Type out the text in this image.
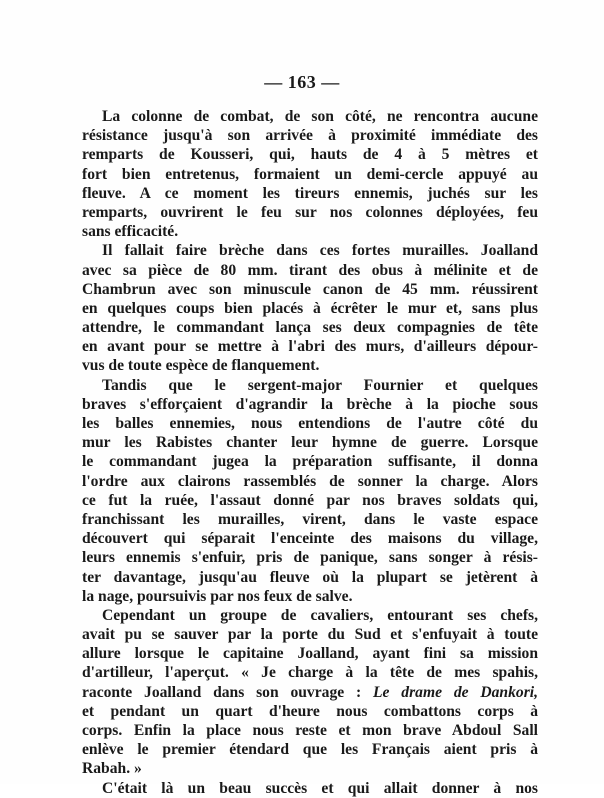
— 163 —
La colonne de combat, de son côté, ne rencontra aucune
résistance jusqu'à son arrivée à proximité immédiate des
remparts de Kousseri, qui, hauts de 4 à 5 mètres et
fort bien entretenus, formaient un demi-cercle appuyé au
fleuve. A ce moment les tireurs ennemis, juchés sur les
remparts, ouvrirent le feu sur nos colonnes déployées, feu
sans efficacité.
Il fallait faire brèche dans ces fortes murailles. Joalland
avec sa pièce de 80 mm. tirant des obus à mélinite et de
Chambrun avec son minuscule canon de 45 mm. réussirent
en quelques coups bien placés à écrêter le mur et, sans plus
attendre, le commandant lança ses deux compagnies de tête
en avant pour se mettre à l'abri des murs, d'ailleurs dépour-
vus de toute espèce de flanquement.
Tandis que le sergent-major Fournier et quelques
braves s'efforçaient d'agrandir la brèche à la pioche sous
les balles ennemies, nous entendions de l'autre côté du
mur les Rabistes chanter leur hymne de guerre. Lorsque
le commandant jugea la préparation suffisante, il donna
l'ordre aux clairons rassemblés de sonner la charge. Alors
ce fut la ruée, l'assaut donné par nos braves soldats qui,
franchissant les murailles, virent, dans le vaste espace
découvert qui séparait l'enceinte des maisons du village,
leurs ennemis s'enfuir, pris de panique, sans songer à résis-
ter davantage, jusqu'au fleuve où la plupart se jetèrent à
la nage, poursuivis par nos feux de salve.
Cependant un groupe de cavaliers, entourant ses chefs,
avait pu se sauver par la porte du Sud et s'enfuyait à toute
allure lorsque le capitaine Joalland, ayant fini sa mission
d'artilleur, l'aperçut. « Je charge à la tête de mes spahis,
raconte Joalland dans son ouvrage : Le drame de Dankori,
et pendant un quart d'heure nous combattons corps à
corps. Enfin la place nous reste et mon brave Abdoul Sall
enlève le premier étendard que les Français aient pris à
Rabah. »
C'était là un beau succès et qui allait donner à nos
